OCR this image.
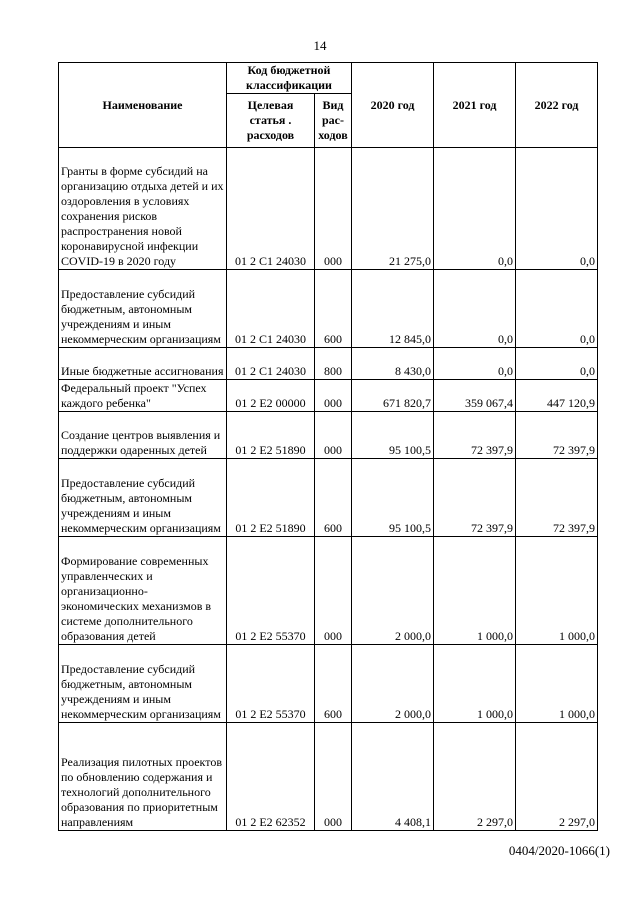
14
Наименование	Код бюджетной классификации		2020 год	2021 год	2022 год
	Целевая статья . расходов	Вид рас-ходов			
Гранты в форме субсидий на организацию отдыха детей и их оздоровления в условиях сохранения рисков распространения новой коронавирусной инфекции COVID-19 в 2020 году	01 2 С1 24030	000	21 275,0	0,0	0,0
Предоставление субсидий бюджетным, автономным учреждениям и иным некоммерческим организациям	01 2 С1 24030	600	12 845,0	0,0	0,0
Иные бюджетные ассигнования	01 2 С1 24030	800	8 430,0	0,0	0,0
Федеральный проект "Успех каждого ребенка"	01 2 E2 00000	000	671 820,7	359 067,4	447 120,9
Создание центров выявления и поддержки одаренных детей	01 2 E2 51890	000	95 100,5	72 397,9	72 397,9
Предоставление субсидий бюджетным, автономным учреждениям и иным некоммерческим организациям	01 2 E2 51890	600	95 100,5	72 397,9	72 397,9
Формирование современных управленческих и организационно-экономических механизмов в системе дополнительного образования детей	01 2 E2 55370	000	2 000,0	1 000,0	1 000,0
Предоставление субсидий бюджетным, автономным учреждениям и иным некоммерческим организациям	01 2 E2 55370	600	2 000,0	1 000,0	1 000,0
Реализация пилотных проектов по обновлению содержания и технологий дополнительного образования по приоритетным направлениям	01 2 E2 62352	000	4 408,1	2 297,0	2 297,0
0404/2020-1066(1)
